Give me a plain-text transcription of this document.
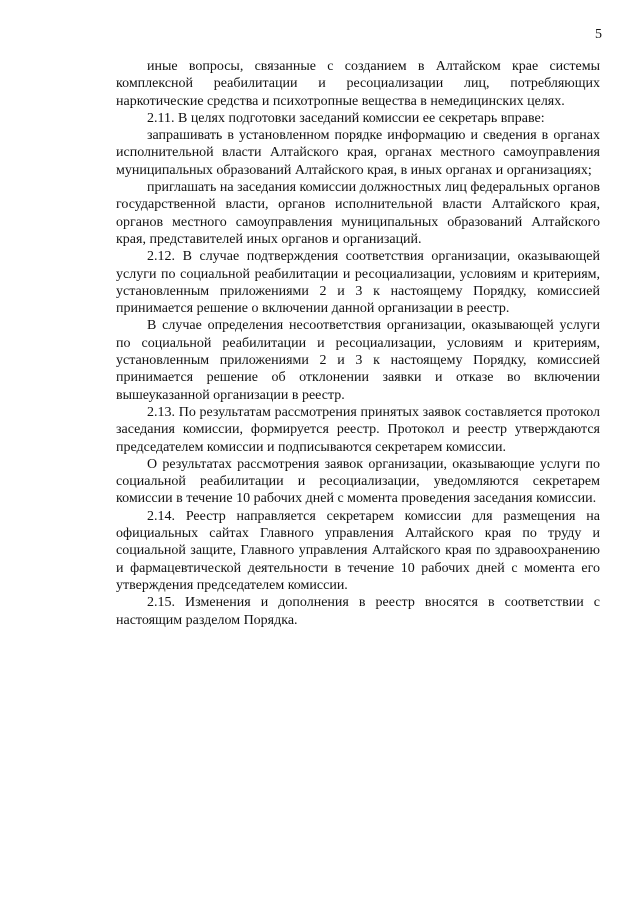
5

иные вопросы, связанные с созданием в Алтайском крае системы комплексной реабилитации и ресоциализации лиц, потребляющих наркотические средства и психотропные вещества в немедицинских целях.

2.11. В целях подготовки заседаний комиссии ее секретарь вправе:

запрашивать в установленном порядке информацию и сведения в органах исполнительной власти Алтайского края, органах местного самоуправления муниципальных образований Алтайского края, в иных органах и организациях;

приглашать на заседания комиссии должностных лиц федеральных органов государственной власти, органов исполнительной власти Алтайского края, органов местного самоуправления муниципальных образований Алтайского края, представителей иных органов и организаций.

2.12. В случае подтверждения соответствия организации, оказывающей услуги по социальной реабилитации и ресоциализации, условиям и критериям, установленным приложениями 2 и 3 к настоящему Порядку, комиссией принимается решение о включении данной организации в реестр.

В случае определения несоответствия организации, оказывающей услуги по социальной реабилитации и ресоциализации, условиям и критериям, установленным приложениями 2 и 3 к настоящему Порядку, комиссией принимается решение об отклонении заявки и отказе во включении вышеуказанной организации в реестр.

2.13. По результатам рассмотрения принятых заявок составляется протокол заседания комиссии, формируется реестр. Протокол и реестр утверждаются председателем комиссии и подписываются секретарем комиссии.

О результатах рассмотрения заявок организации, оказывающие услуги по социальной реабилитации и ресоциализации, уведомляются секретарем комиссии в течение 10 рабочих дней с момента проведения заседания комиссии.

2.14. Реестр направляется секретарем комиссии для размещения на официальных сайтах Главного управления Алтайского края по труду и социальной защите, Главного управления Алтайского края по здравоохранению и фармацевтической деятельности в течение 10 рабочих дней с момента его утверждения председателем комиссии.

2.15. Изменения и дополнения в реестр вносятся в соответствии с настоящим разделом Порядка.
